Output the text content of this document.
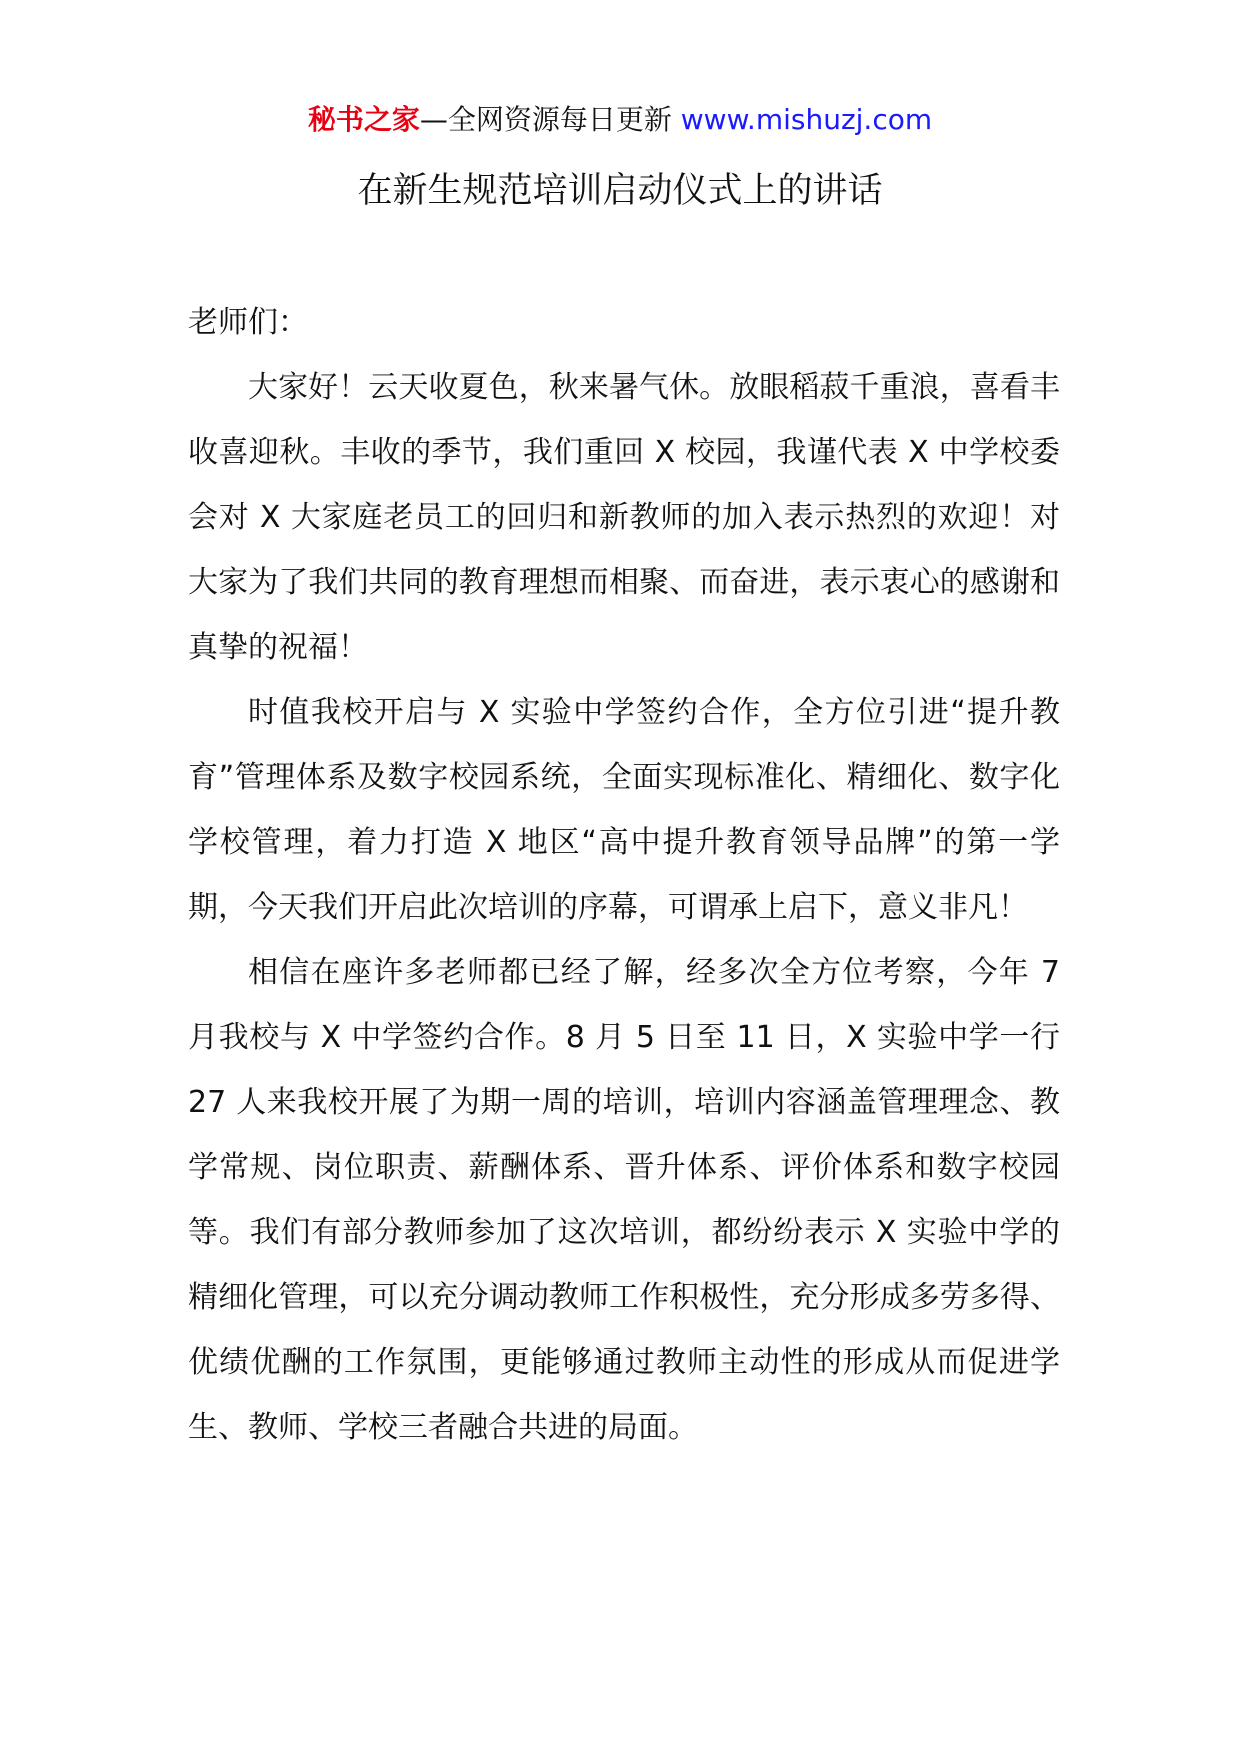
秘书之家—全网资源每日更新 www.mishuzj.com
在新生规范培训启动仪式上的讲话

老师们：

大家好！云天收夏色，秋来暑气休。放眼稻菽千重浪，喜看丰收喜迎秋。丰收的季节，我们重回 X 校园，我谨代表 X 中学校委会对 X 大家庭老员工的回归和新教师的加入表示热烈的欢迎！对大家为了我们共同的教育理想而相聚、而奋进，表示衷心的感谢和真挚的祝福！

时值我校开启与 X 实验中学签约合作，全方位引进“提升教育”管理体系及数字校园系统，全面实现标准化、精细化、数字化学校管理，着力打造 X 地区“高中提升教育领导品牌”的第一学期，今天我们开启此次培训的序幕，可谓承上启下，意义非凡！

相信在座许多老师都已经了解，经多次全方位考察，今年 7 月我校与 X 中学签约合作。8 月 5 日至 11 日，X 实验中学一行 27 人来我校开展了为期一周的培训，培训内容涵盖管理理念、教学常规、岗位职责、薪酬体系、晋升体系、评价体系和数字校园等。我们有部分教师参加了这次培训，都纷纷表示 X 实验中学的精细化管理，可以充分调动教师工作积极性，充分形成多劳多得、优绩优酬的工作氛围，更能够通过教师主动性的形成从而促进学生、教师、学校三者融合共进的局面。
